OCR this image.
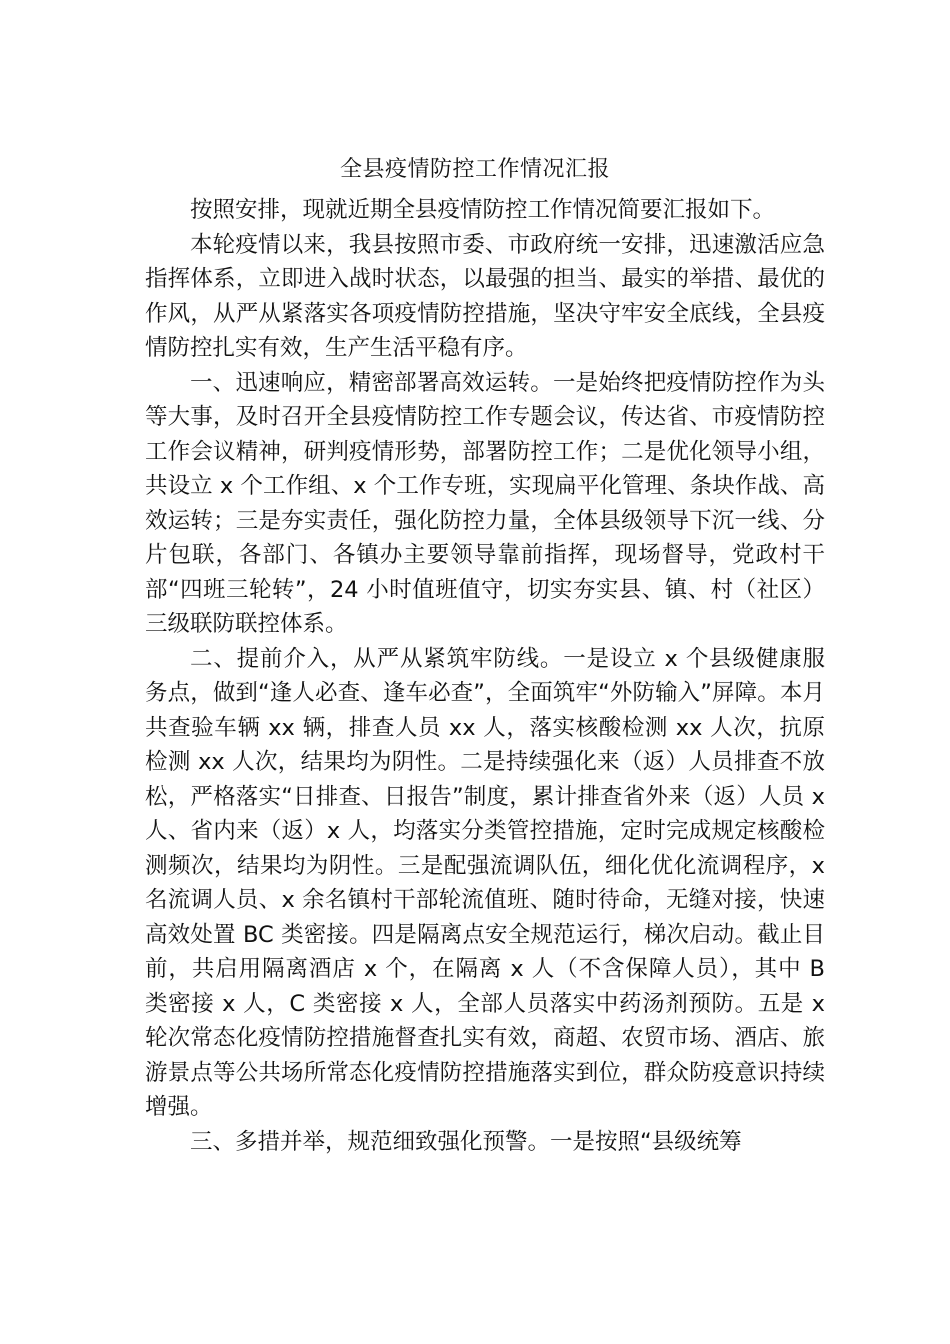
全县疫情防控工作情况汇报

按照安排，现就近期全县疫情防控工作情况简要汇报如下。

本轮疫情以来，我县按照市委、市政府统一安排，迅速激活应急指挥体系，立即进入战时状态，以最强的担当、最实的举措、最优的作风，从严从紧落实各项疫情防控措施，坚决守牢安全底线，全县疫情防控扎实有效，生产生活平稳有序。

一、迅速响应，精密部署高效运转。一是始终把疫情防控作为头等大事，及时召开全县疫情防控工作专题会议，传达省、市疫情防控工作会议精神，研判疫情形势，部署防控工作；二是优化领导小组，共设立 x 个工作组、x 个工作专班，实现扁平化管理、条块作战、高效运转；三是夯实责任，强化防控力量，全体县级领导下沉一线、分片包联，各部门、各镇办主要领导靠前指挥，现场督导，党政村干部“四班三轮转”，24 小时值班值守，切实夯实县、镇、村（社区）三级联防联控体系。

二、提前介入，从严从紧筑牢防线。一是设立 x 个县级健康服务点，做到“逢人必查、逢车必查”，全面筑牢“外防输入”屏障。本月共查验车辆 xx 辆，排查人员 xx 人，落实核酸检测 xx 人次，抗原检测 xx 人次，结果均为阴性。二是持续强化来（返）人员排查不放松，严格落实“日排查、日报告”制度，累计排查省外来（返）人员 x 人、省内来（返）x 人，均落实分类管控措施，定时完成规定核酸检测频次，结果均为阴性。三是配强流调队伍，细化优化流调程序，x 名流调人员、x 余名镇村干部轮流值班、随时待命，无缝对接，快速高效处置 BC 类密接。四是隔离点安全规范运行，梯次启动。截止目前，共启用隔离酒店 x 个，在隔离 x 人（不含保障人员），其中 B 类密接 x 人，C 类密接 x 人，全部人员落实中药汤剂预防。五是 x 轮次常态化疫情防控措施督查扎实有效，商超、农贸市场、酒店、旅游景点等公共场所常态化疫情防控措施落实到位，群众防疫意识持续增强。

三、多措并举，规范细致强化预警。一是按照“县级统筹
